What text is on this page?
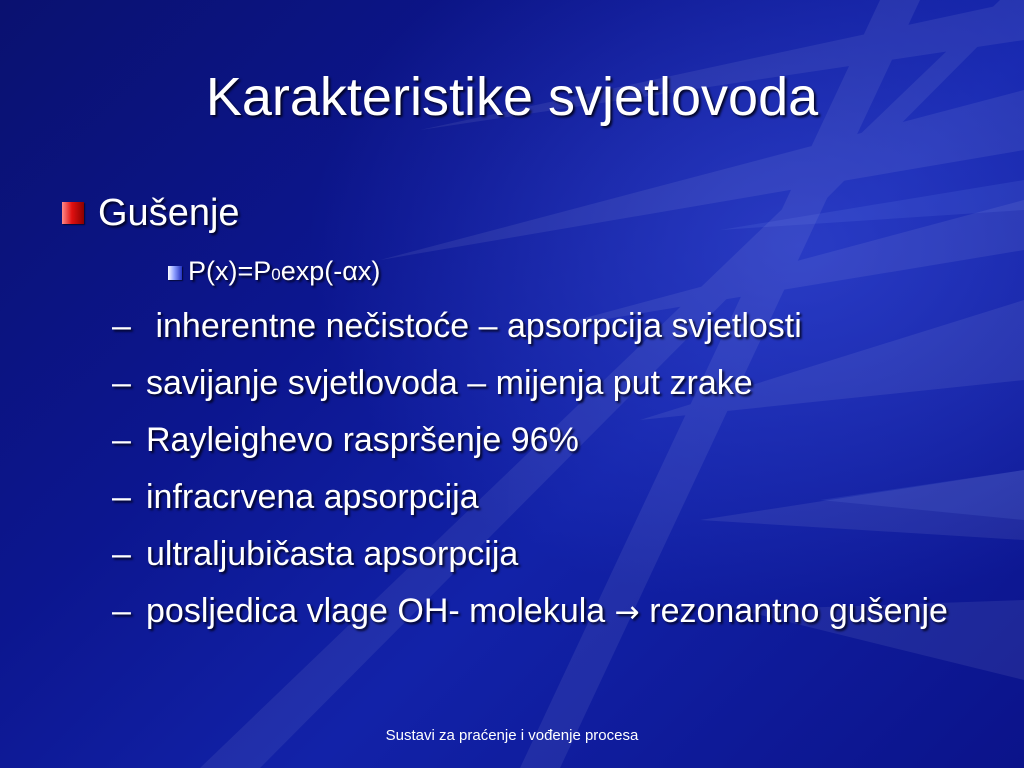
Karakteristike svjetlovoda
Gušenje
P(x)=P0exp(-αx)
– inherentne nečistoće – apsorpcija svjetlosti
– savijanje svjetlovoda – mijenja put zrake
– Rayleighevo raspršenje 96%
– infracrvena apsorpcija
– ultraljubičasta apsorpcija
– posljedica vlage OH- molekula → rezonantno gušenje
Sustavi za praćenje i vođenje procesa
